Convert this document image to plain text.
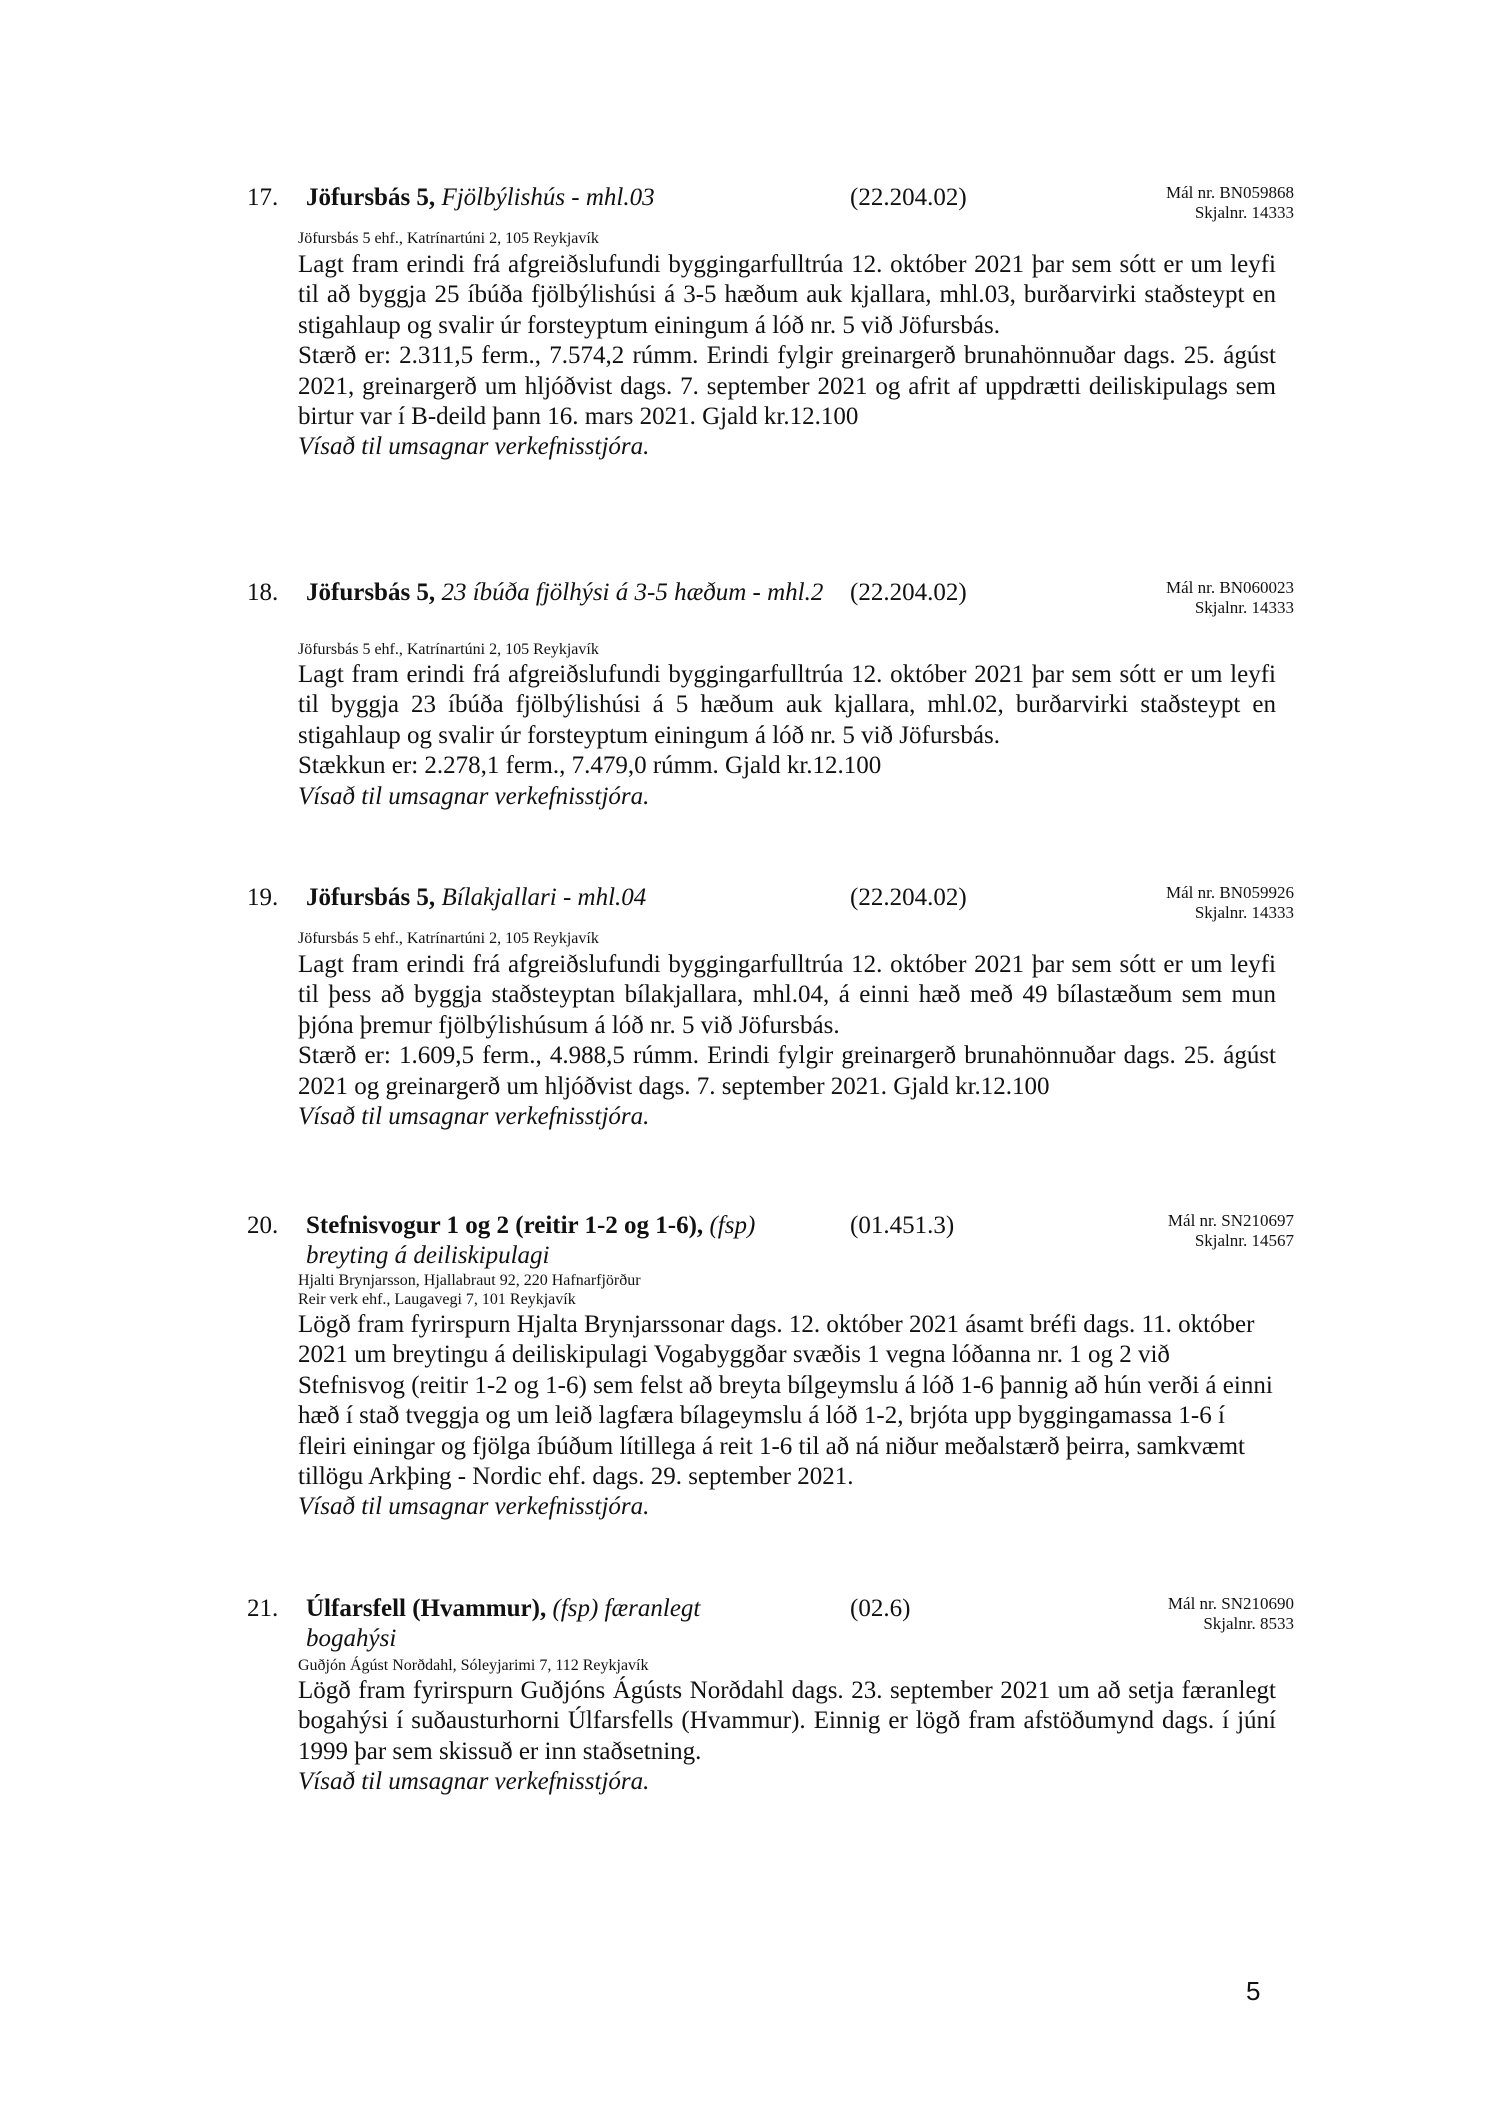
17. Jöfursbás 5, Fjölbýlishús - mhl.03	(22.204.02)	Mál nr. BN059868
Skjalnr. 14333
Jöfursbás 5 ehf., Katrínartúni 2, 105 Reykjavík

Lagt fram erindi frá afgreiðslufundi byggingarfulltrúa 12. október 2021 þar sem sótt er um leyfi til að byggja 25 íbúða fjölbýlishúsi á 3-5 hæðum auk kjallara, mhl.03, burðarvirki staðsteypt en stigahlaup og svalir úr forsteyptum einingum á lóð nr. 5 við Jöfursbás.

Stærð er: 2.311,5 ferm., 7.574,2 rúmm. Erindi fylgir greinargerð brunahönnuðar dags. 25. ágúst 2021, greinargerð um hljóðvist dags. 7. september 2021 og afrit af uppdrætti deiliskipulags sem birtur var í B-deild þann 16. mars 2021. Gjald kr.12.100

Vísað til umsagnar verkefnisstjóra.

18. Jöfursbás 5, 23 íbúða fjölhýsi á 3-5 hæðum - mhl.2 (22.204.02)	Mál nr. BN060023
Skjalnr. 14333
Jöfursbás 5 ehf., Katrínartúni 2, 105 Reykjavík

Lagt fram erindi frá afgreiðslufundi byggingarfulltrúa 12. október 2021 þar sem sótt er um leyfi til byggja 23 íbúða fjölbýlishúsi á 5 hæðum auk kjallara, mhl.02, burðarvirki staðsteypt en stigahlaup og svalir úr forsteyptum einingum á lóð nr. 5 við Jöfursbás.

Stækkun er: 2.278,1 ferm., 7.479,0 rúmm. Gjald kr.12.100

Vísað til umsagnar verkefnisstjóra.

19. Jöfursbás 5, Bílakjallari - mhl.04	(22.204.02)	Mál nr. BN059926
Skjalnr. 14333
Jöfursbás 5 ehf., Katrínartúni 2, 105 Reykjavík

Lagt fram erindi frá afgreiðslufundi byggingarfulltrúa 12. október 2021 þar sem sótt er um leyfi til þess að byggja staðsteyptan bílakjallara, mhl.04, á einni hæð með 49 bílastæðum sem mun þjóna þremur fjölbýlishúsum á lóð nr. 5 við Jöfursbás.

Stærð er: 1.609,5 ferm., 4.988,5 rúmm. Erindi fylgir greinargerð brunahönnuðar dags. 25. ágúst 2021 og greinargerð um hljóðvist dags. 7. september 2021. Gjald kr.12.100

Vísað til umsagnar verkefnisstjóra.

20. Stefnisvogur 1 og 2 (reitir 1-2 og 1-6), (fsp) breyting á deiliskipulagi
(01.451.3)	Mál nr. SN210697
Skjalnr. 14567
Hjalti Brynjarsson, Hjallabraut 92, 220 Hafnarfjörður
Reir verk ehf., Laugavegi 7, 101 Reykjavík

Lögð fram fyrirspurn Hjalta Brynjarssonar dags. 12. október 2021 ásamt bréfi dags. 11. október 2021 um breytingu á deiliskipulagi Vogabyggðar svæðis 1 vegna lóðanna nr. 1 og 2 við Stefnisvog (reitir 1-2 og 1-6) sem felst að breyta bílgeymslu á lóð 1-6 þannig að hún verði á einni hæð í stað tveggja og um leið lagfæra bílageymslu á lóð 1-2, brjóta upp byggingamassa 1-6 í fleiri einingar og fjölga íbúðum lítillega á reit 1-6 til að ná niður meðalstærð þeirra, samkvæmt tillögu Arkþing - Nordic ehf. dags. 29. september 2021.

Vísað til umsagnar verkefnisstjóra.

21. Úlfarsfell (Hvammur), (fsp) færanlegt bogahýsi
(02.6)	Mál nr. SN210690
Skjalnr. 8533
Guðjón Ágúst Norðdahl, Sóleyjarimi 7, 112 Reykjavík

Lögð fram fyrirspurn Guðjóns Ágústs Norðdahl dags. 23. september 2021 um að setja færanlegt bogahýsi í suðausturhorni Úlfarsfells (Hvammur). Einnig er lögð fram afstöðumynd dags. í júní 1999 þar sem skissuð er inn staðsetning.

Vísað til umsagnar verkefnisstjóra.

5
